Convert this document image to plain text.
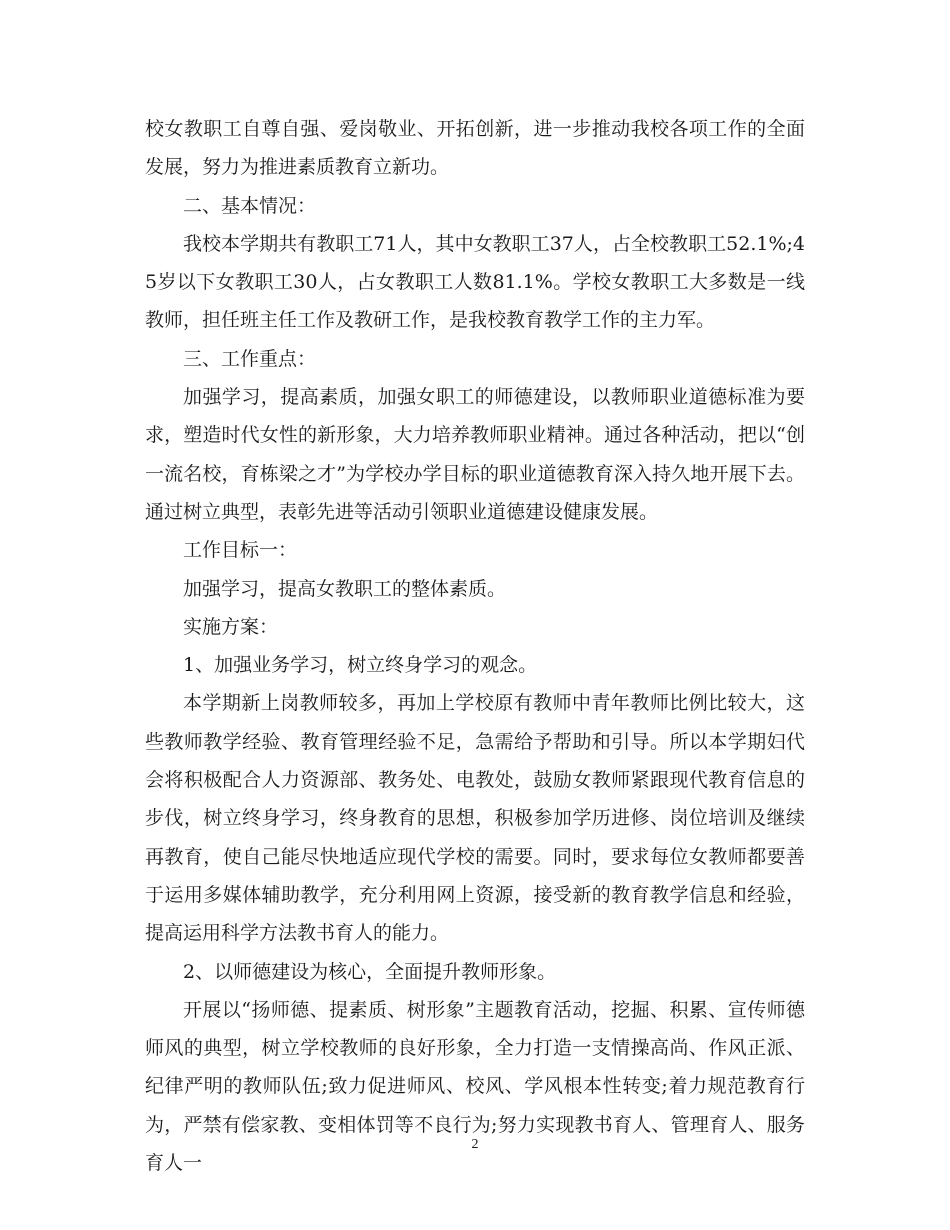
校女教职工自尊自强、爱岗敬业、开拓创新，进一步推动我校各项工作的全面发展，努力为推进素质教育立新功。

二、基本情况：

我校本学期共有教职工71人，其中女教职工37人，占全校教职工52.1%;45岁以下女教职工30人，占女教职工人数81.1%。学校女教职工大多数是一线教师，担任班主任工作及教研工作，是我校教育教学工作的主力军。

三、工作重点：

加强学习，提高素质，加强女职工的师德建设，以教师职业道德标准为要求，塑造时代女性的新形象，大力培养教师职业精神。通过各种活动，把以“创一流名校，育栋梁之才”为学校办学目标的职业道德教育深入持久地开展下去。通过树立典型，表彰先进等活动引领职业道德建设健康发展。

工作目标一：

加强学习，提高女教职工的整体素质。

实施方案：

1、加强业务学习，树立终身学习的观念。

本学期新上岗教师较多，再加上学校原有教师中青年教师比例比较大，这些教师教学经验、教育管理经验不足，急需给予帮助和引导。所以本学期妇代会将积极配合人力资源部、教务处、电教处，鼓励女教师紧跟现代教育信息的步伐，树立终身学习，终身教育的思想，积极参加学历进修、岗位培训及继续再教育，使自己能尽快地适应现代学校的需要。同时，要求每位女教师都要善于运用多媒体辅助教学，充分利用网上资源，接受新的教育教学信息和经验，提高运用科学方法教书育人的能力。

2、以师德建设为核心，全面提升教师形象。

开展以“扬师德、提素质、树形象”主题教育活动，挖掘、积累、宣传师德师风的典型，树立学校教师的良好形象，全力打造一支情操高尚、作风正派、纪律严明的教师队伍;致力促进师风、校风、学风根本性转变;着力规范教育行为，严禁有偿家教、变相体罚等不良行为;努力实现教书育人、管理育人、服务育人一

2
